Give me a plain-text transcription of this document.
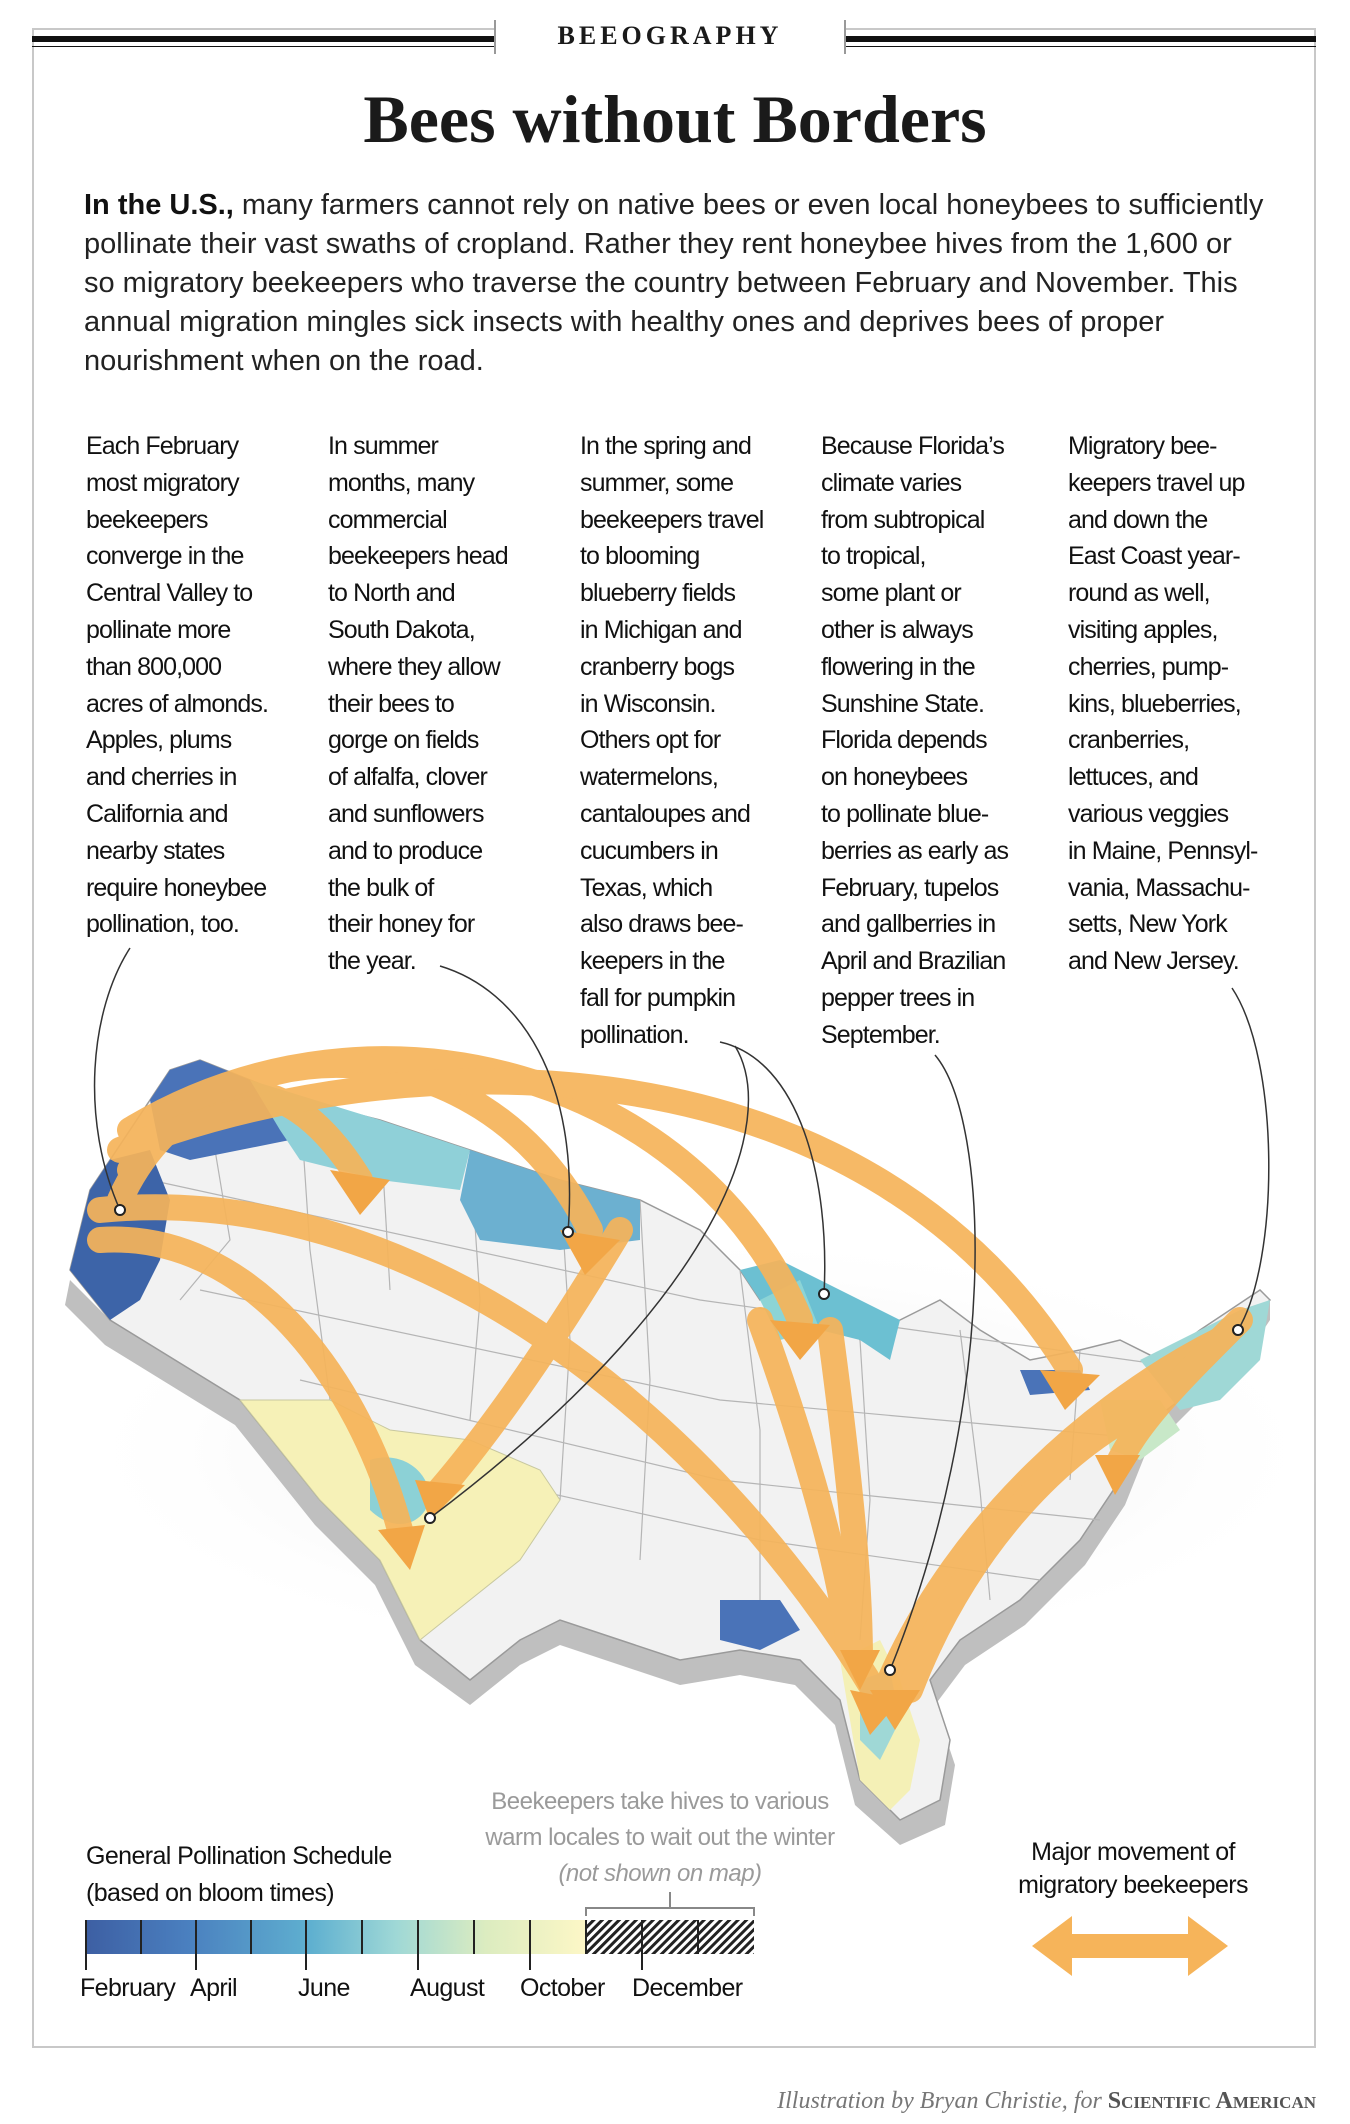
BEEOGRAPHY
Bees without Borders
In the U.S., many farmers cannot rely on native bees or even local honeybees to sufficiently pollinate their vast swaths of cropland. Rather they rent honeybee hives from the 1,600 or so migratory beekeepers who traverse the country between February and November. This annual migration mingles sick insects with healthy ones and deprives bees of proper nourishment when on the road.
Each February
most migratory
beekeepers
converge in the
Central Valley to
pollinate more
than 800,000
acres of almonds.
Apples, plums
and cherries in
California and
nearby states
require honeybee
pollination, too.
In summer
months, many
commercial
beekeepers head
to North and
South Dakota,
where they allow
their bees to
gorge on fields
of alfalfa, clover
and sunflowers
and to produce
the bulk of
their honey for
the year.
In the spring and
summer, some
beekeepers travel
to blooming
blueberry fields
in Michigan and
cranberry bogs
in Wisconsin.
Others opt for
watermelons,
cantaloupes and
cucumbers in
Texas, which
also draws bee-
keepers in the
fall for pumpkin
pollination.
Because Florida’s
climate varies
from subtropical
to tropical,
some plant or
other is always
flowering in the
Sunshine State.
Florida depends
on honeybees
to pollinate blue-
berries as early as
February, tupelos
and gallberries in
April and Brazilian
pepper trees in
September.
Migratory bee-
keepers travel up
and down the
East Coast year-
round as well,
visiting apples,
cherries, pump-
kins, blueberries,
cranberries,
lettuces, and
various veggies
in Maine, Pennsyl-
vania, Massachu-
setts, New York
and New Jersey.
Beekeepers take hives to various
warm locales to wait out the winter
(not shown on map)
General Pollination Schedule
(based on bloom times)
February April June August October December
Major movement of
migratory beekeepers
Illustration by Bryan Christie, for Scientific American
